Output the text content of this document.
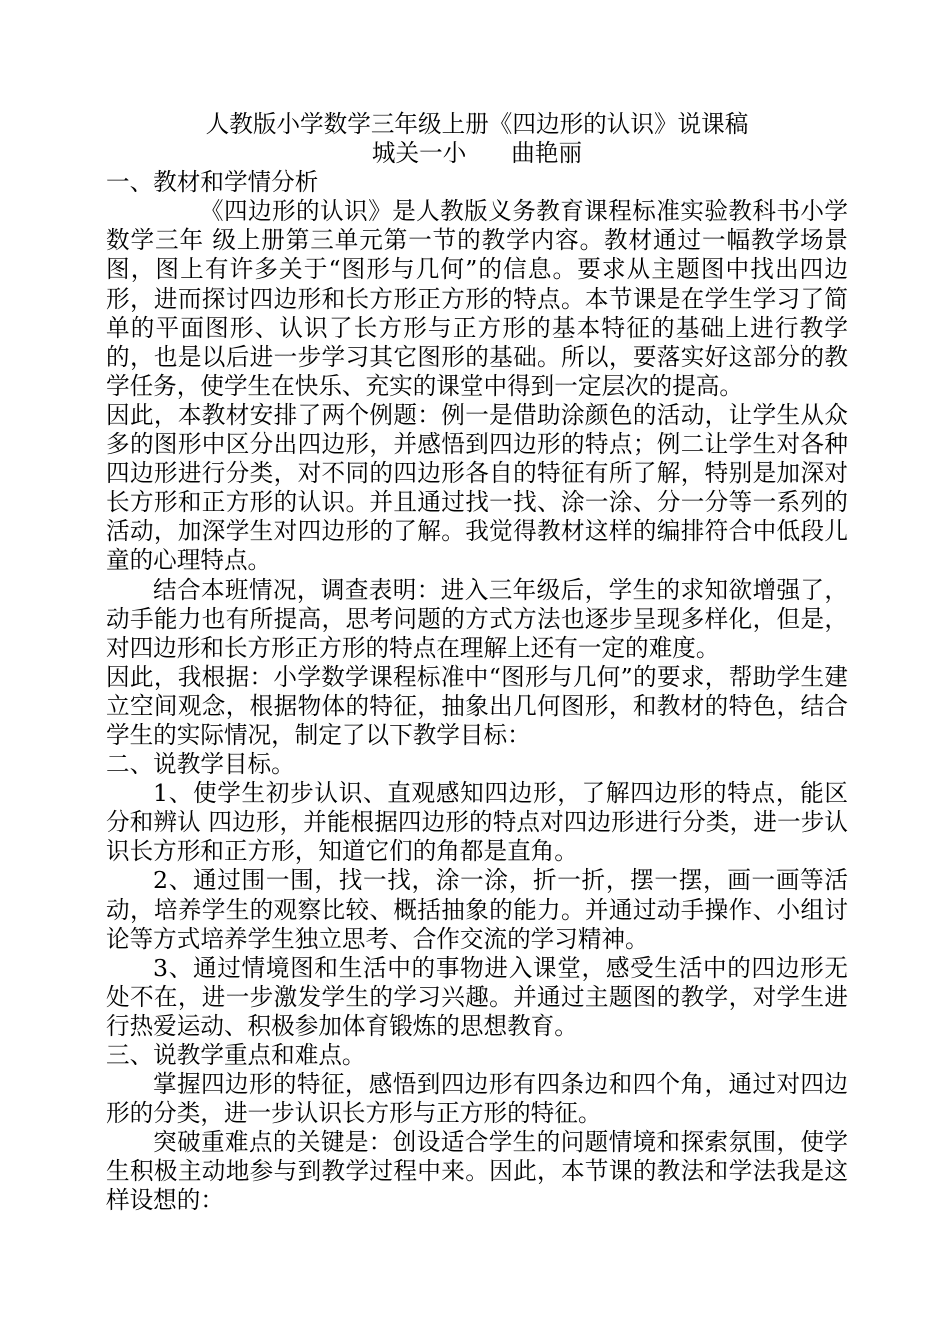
人教版小学数学三年级上册《四边形的认识》说课稿
城关一小      曲艳丽
一、教材和学情分析
《四边形的认识》是人教版义务教育课程标准实验教科书小学数学三年 级上册第三单元第一节的教学内容。教材通过一幅教学场景图，图上有许多关于“图形与几何”的信息。要求从主题图中找出四边形，进而探讨四边形和长方形正方形的特点。本节课是在学生学习了简单的平面图形、认识了长方形与正方形的基本特征的基础上进行教学的，也是以后进一步学习其它图形的基础。所以，要落实好这部分的教学任务，使学生在快乐、充实的课堂中得到一定层次的提高。
因此，本教材安排了两个例题：例一是借助涂颜色的活动，让学生从众多的图形中区分出四边形，并感悟到四边形的特点；例二让学生对各种四边形进行分类，对不同的四边形各自的特征有所了解，特别是加深对长方形和正方形的认识。并且通过找一找、涂一涂、分一分等一系列的活动，加深学生对四边形的了解。我觉得教材这样的编排符合中低段儿童的心理特点。
结合本班情况，调查表明：进入三年级后，学生的求知欲增强了，动手能力也有所提高，思考问题的方式方法也逐步呈现多样化，但是，对四边形和长方形正方形的特点在理解上还有一定的难度。
因此，我根据：小学数学课程标准中“图形与几何”的要求，帮助学生建立空间观念，根据物体的特征，抽象出几何图形，和教材的特色，结合学生的实际情况，制定了以下教学目标：
二、说教学目标。
1、使学生初步认识、直观感知四边形，了解四边形的特点，能区分和辨认 四边形，并能根据四边形的特点对四边形进行分类，进一步认识长方形和正方形，知道它们的角都是直角。
2、通过围一围，找一找，涂一涂，折一折，摆一摆，画一画等活动，培养学生的观察比较、概括抽象的能力。并通过动手操作、小组讨论等方式培养学生独立思考、合作交流的学习精神。
3、通过情境图和生活中的事物进入课堂，感受生活中的四边形无处不在，进一步激发学生的学习兴趣。并通过主题图的教学，对学生进行热爱运动、积极参加体育锻炼的思想教育。
三、说教学重点和难点。
掌握四边形的特征，感悟到四边形有四条边和四个角，通过对四边形的分类，进一步认识长方形与正方形的特征。
突破重难点的关键是：创设适合学生的问题情境和探索氛围，使学生积极主动地参与到教学过程中来。因此，本节课的教法和学法我是这样设想的：
